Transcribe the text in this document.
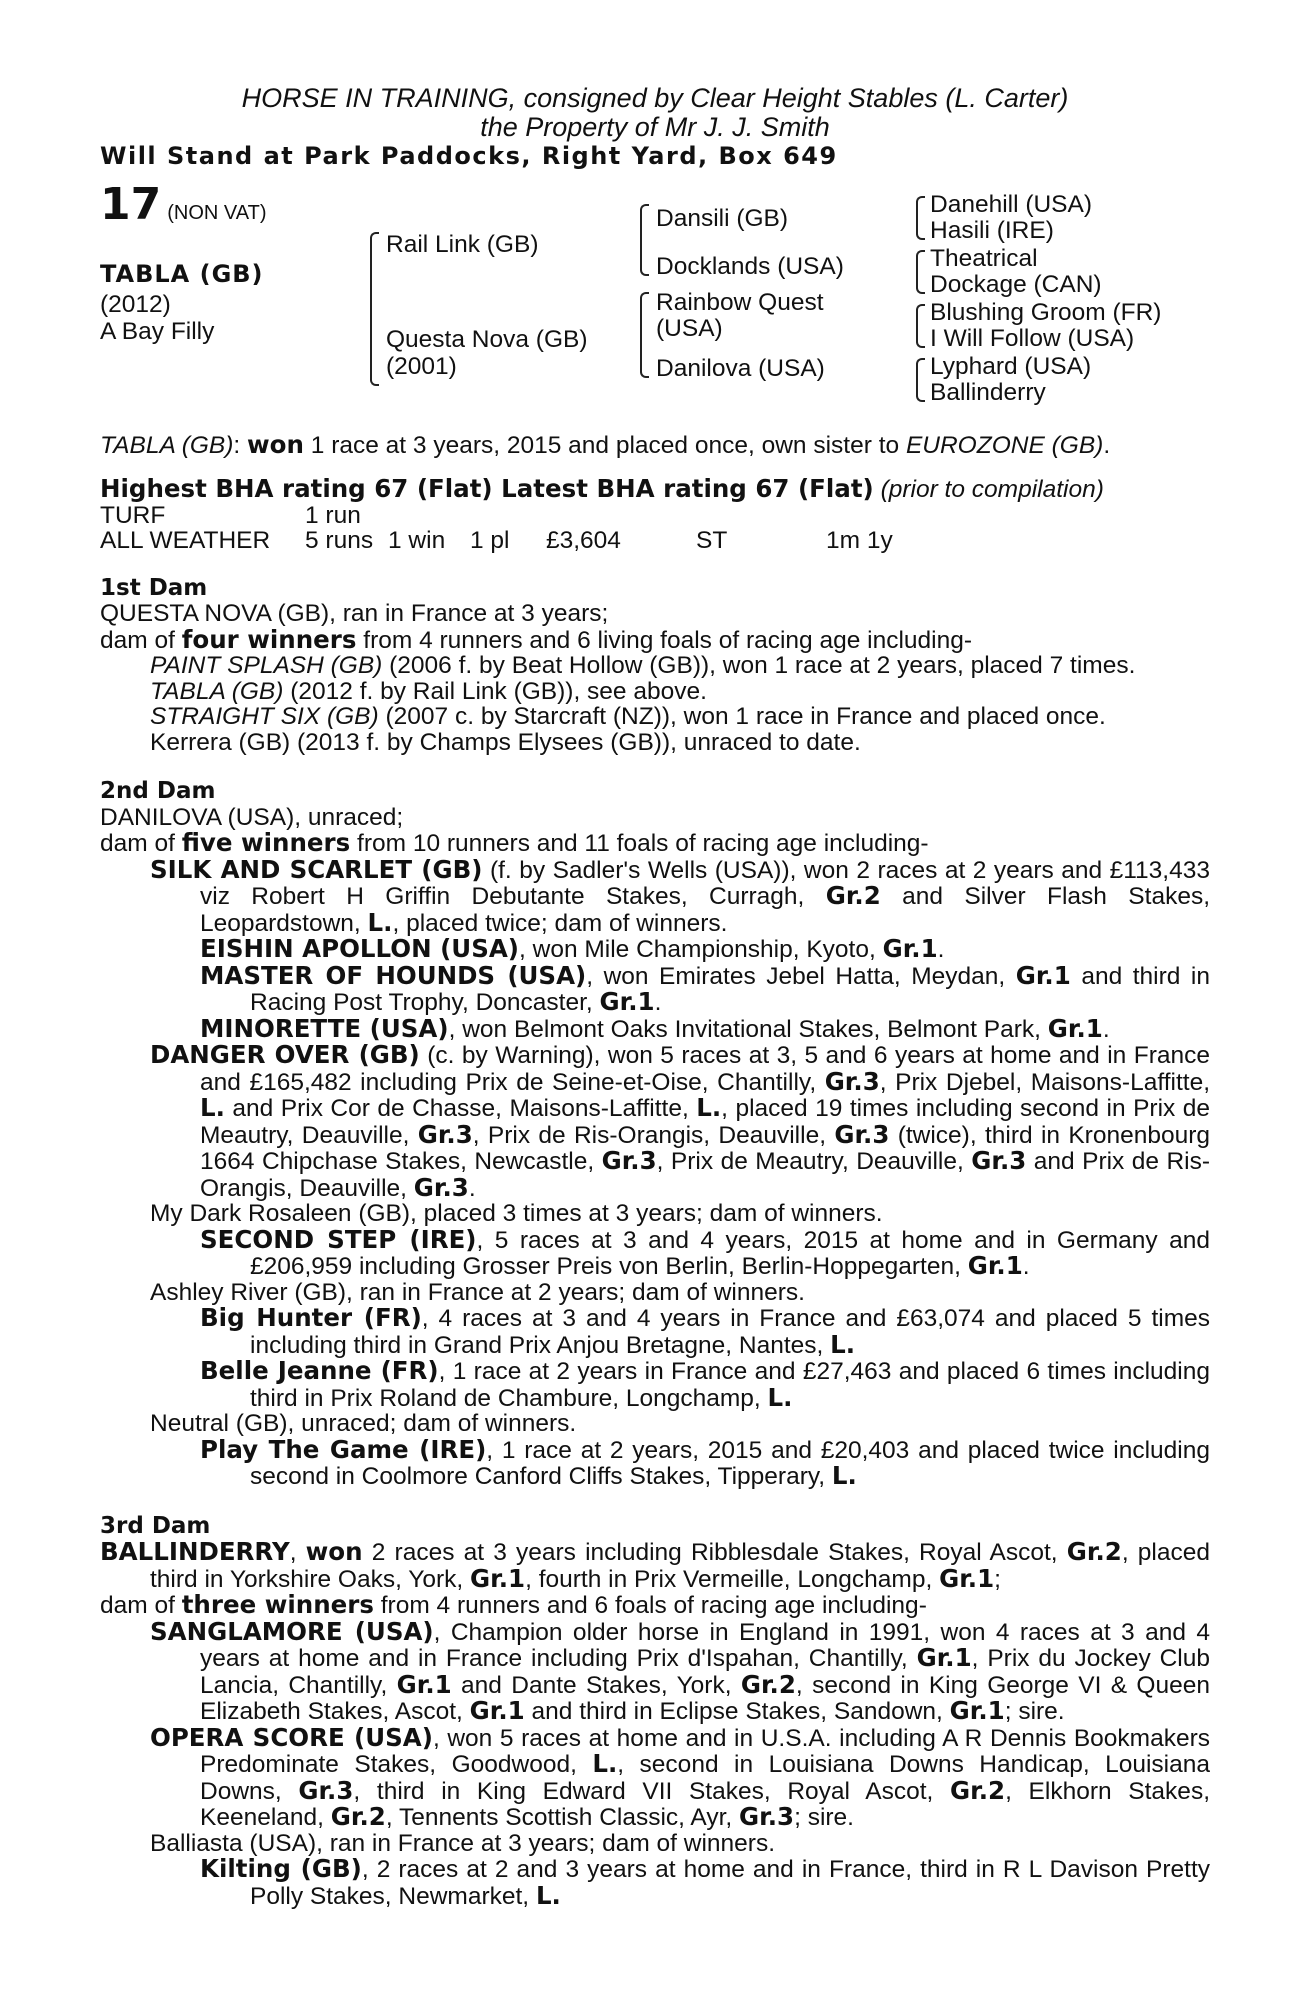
HORSE IN TRAINING, consigned by Clear Height Stables (L. Carter)
the Property of Mr J. J. Smith
Will Stand at Park Paddocks, Right Yard, Box 649
17 (NON VAT)
TABLA (GB)
(2012)
A Bay Filly
Rail Link (GB)
Questa Nova (GB)
(2001)
Dansili (GB)
Docklands (USA)
Rainbow Quest
(USA)
Danilova (USA)
Danehill (USA)
Hasili (IRE)
Theatrical
Dockage (CAN)
Blushing Groom (FR)
I Will Follow (USA)
Lyphard (USA)
Ballinderry
TABLA (GB): won 1 race at 3 years, 2015 and placed once, own sister to EUROZONE (GB).
Highest BHA rating 67 (Flat) Latest BHA rating 67 (Flat) (prior to compilation)
TURF	1 run
ALL WEATHER 5 runs 1 win 1 pl £3,604	ST	1m 1y
1st Dam
QUESTA NOVA (GB), ran in France at 3 years;
dam of four winners from 4 runners and 6 living foals of racing age including-
PAINT SPLASH (GB) (2006 f. by Beat Hollow (GB)), won 1 race at 2 years, placed 7 times.
TABLA (GB) (2012 f. by Rail Link (GB)), see above.
STRAIGHT SIX (GB) (2007 c. by Starcraft (NZ)), won 1 race in France and placed once.
Kerrera (GB) (2013 f. by Champs Elysees (GB)), unraced to date.
2nd Dam
DANILOVA (USA), unraced;
dam of five winners from 10 runners and 11 foals of racing age including-
SILK AND SCARLET (GB) (f. by Sadler's Wells (USA)), won 2 races at 2 years and £113,433 viz Robert H Griffin Debutante Stakes, Curragh, Gr.2 and Silver Flash Stakes, Leopardstown, L., placed twice; dam of winners.
EISHIN APOLLON (USA), won Mile Championship, Kyoto, Gr.1.
MASTER OF HOUNDS (USA), won Emirates Jebel Hatta, Meydan, Gr.1 and third in Racing Post Trophy, Doncaster, Gr.1.
MINORETTE (USA), won Belmont Oaks Invitational Stakes, Belmont Park, Gr.1.
DANGER OVER (GB) (c. by Warning), won 5 races at 3, 5 and 6 years at home and in France and £165,482 including Prix de Seine-et-Oise, Chantilly, Gr.3, Prix Djebel, Maisons-Laffitte, L. and Prix Cor de Chasse, Maisons-Laffitte, L., placed 19 times including second in Prix de Meautry, Deauville, Gr.3, Prix de Ris-Orangis, Deauville, Gr.3 (twice), third in Kronenbourg 1664 Chipchase Stakes, Newcastle, Gr.3, Prix de Meautry, Deauville, Gr.3 and Prix de Ris-Orangis, Deauville, Gr.3.
My Dark Rosaleen (GB), placed 3 times at 3 years; dam of winners.
SECOND STEP (IRE), 5 races at 3 and 4 years, 2015 at home and in Germany and £206,959 including Grosser Preis von Berlin, Berlin-Hoppegarten, Gr.1.
Ashley River (GB), ran in France at 2 years; dam of winners.
Big Hunter (FR), 4 races at 3 and 4 years in France and £63,074 and placed 5 times including third in Grand Prix Anjou Bretagne, Nantes, L.
Belle Jeanne (FR), 1 race at 2 years in France and £27,463 and placed 6 times including third in Prix Roland de Chambure, Longchamp, L.
Neutral (GB), unraced; dam of winners.
Play The Game (IRE), 1 race at 2 years, 2015 and £20,403 and placed twice including second in Coolmore Canford Cliffs Stakes, Tipperary, L.
3rd Dam
BALLINDERRY, won 2 races at 3 years including Ribblesdale Stakes, Royal Ascot, Gr.2, placed third in Yorkshire Oaks, York, Gr.1, fourth in Prix Vermeille, Longchamp, Gr.1;
dam of three winners from 4 runners and 6 foals of racing age including-
SANGLAMORE (USA), Champion older horse in England in 1991, won 4 races at 3 and 4 years at home and in France including Prix d'Ispahan, Chantilly, Gr.1, Prix du Jockey Club Lancia, Chantilly, Gr.1 and Dante Stakes, York, Gr.2, second in King George VI & Queen Elizabeth Stakes, Ascot, Gr.1 and third in Eclipse Stakes, Sandown, Gr.1; sire.
OPERA SCORE (USA), won 5 races at home and in U.S.A. including A R Dennis Bookmakers Predominate Stakes, Goodwood, L., second in Louisiana Downs Handicap, Louisiana Downs, Gr.3, third in King Edward VII Stakes, Royal Ascot, Gr.2, Elkhorn Stakes, Keeneland, Gr.2, Tennents Scottish Classic, Ayr, Gr.3; sire.
Balliasta (USA), ran in France at 3 years; dam of winners.
Kilting (GB), 2 races at 2 and 3 years at home and in France, third in R L Davison Pretty Polly Stakes, Newmarket, L.
